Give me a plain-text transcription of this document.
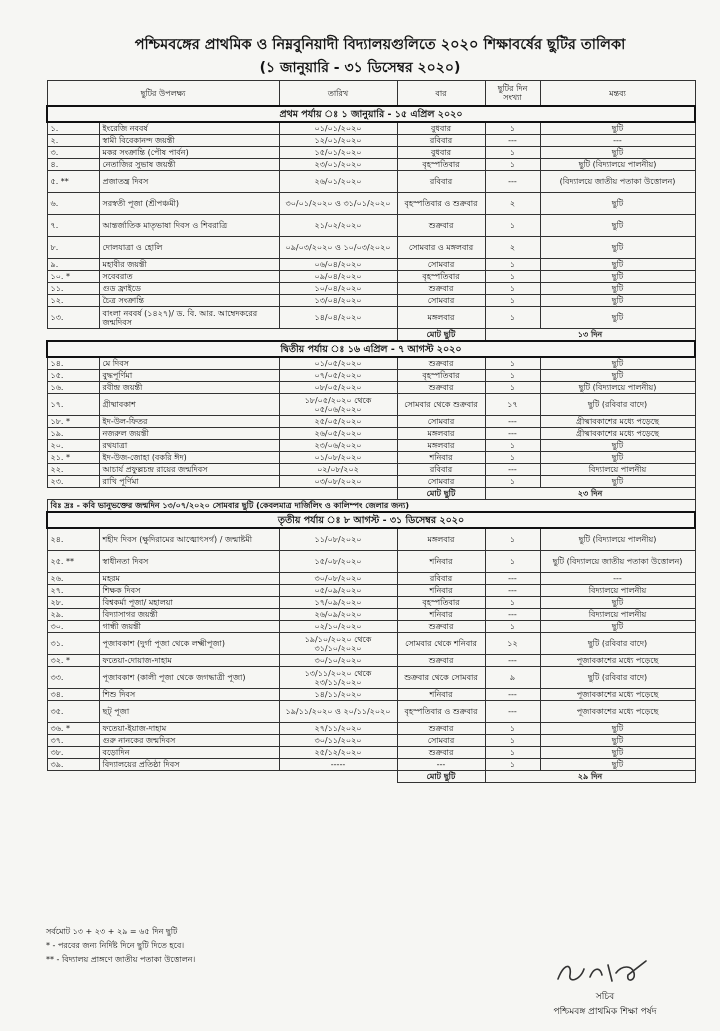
পশ্চিমবঙ্গের প্রাথমিক ও নিম্নবুনিয়াদী বিদ্যালয়গুলিতে ২০২০ শিক্ষাবর্ষের ছুটির তালিকা
(১ জানুয়ারি - ৩১ ডিসেম্বর ২০২০)
ছুটির উপলক্ষ্য		তারিখ	বার	ছুটির দিন সংখ্যা	মন্তব্য
প্রথম পর্যায় ঃ ১ জানুয়ারি - ১৫ এপ্রিল ২০২০					
১.	ইংরেজি নববর্ষ	০১/০১/২০২০	বুধবার	১	ছুটি
২.	স্বামী বিবেকানন্দ জয়ন্তী	১২/০১/২০২০	রবিবার	---	---
৩.	মকর সংক্রান্তি (পৌষ পার্বন)	১৫/০১/২০২০	বুধবার	১	ছুটি
৪.	নেতাজির সুভাষ জয়ন্তী	২৩/০১/২০২০	বৃহস্পতিবার	১	ছুটি (বিদ্যালয়ে পালনীয়)
৫. **	প্রজাতন্ত্র দিবস	২৬/০১/২০২০	রবিবার	---	(বিদ্যালয়ে জাতীয় পতাকা উত্তোলন)
৬.	সরস্বতী পূজা (শ্রীপঞ্চমী)	৩০/০১/২০২০ ও ৩১/০১/২০২০	বৃহস্পতিবার ও শুক্রবার	২	ছুটি
৭.	আন্তর্জাতিক মাতৃভাষা দিবস ও শিবরাত্রি	২১/০২/২০২০	শুক্রবার	১	ছুটি
৮.	দোলযাত্রা ও হোলি	০৯/০৩/২০২০ ও ১০/০৩/২০২০	সোমবার ও মঙ্গলবার	২	ছুটি
৯.	মহাবীর জয়ন্তী	০৬/০৪/২০২০	সোমবার	১	ছুটি
১০. *	সবেবরাত	০৯/০৪/২০২০	বৃহস্পতিবার	১	ছুটি
১১.	গুড ফ্রাইডে	১০/০৪/২০২০	শুক্রবার	১	ছুটি
১২.	চৈত্র সংক্রান্তি	১৩/০৪/২০২০	সোমবার	১	ছুটি
১৩.	বাংলা নববর্ষ (১৪২৭)/ ড. বি. আর. আম্বেদকরের জন্মদিবস	১৪/০৪/২০২০	মঙ্গলবার	১	ছুটি
			মোট ছুটি	১৩ দিন	
দ্বিতীয় পর্যায় ঃ ১৬ এপ্রিল - ৭ আগস্ট ২০২০					
১৪.	মে দিবস	০১/০৫/২০২০	শুক্রবার	১	ছুটি
১৫.	বুদ্ধপূর্ণিমা	০৭/০৫/২০২০	বৃহস্পতিবার	১	ছুটি
১৬.	রবীন্দ্র জয়ন্তী	০৮/০৫/২০২০	শুক্রবার	১	ছুটি (বিদ্যালয়ে পালনীয়)
১৭.	গ্রীষ্মাবকাশ	১৮/০৫/২০২০ থেকে ০৫/০৬/২০২০	সোমবার থেকে শুক্রবার	১৭	ছুটি (রবিবার বাদে)
১৮. *	ইদ-উল-ফিতর	২৫/০৫/২০২০	সোমবার	---	গ্রীষ্মাবকাশের মধ্যে পড়েছে
১৯.	নজরুল জয়ন্তী	২৬/০৫/২০২০	মঙ্গলবার	---	গ্রীষ্মাবকাশের মধ্যে পড়েছে
২০.	রথযাত্রা	২৩/০৬/২০২০	মঙ্গলবার	১	ছুটি
২১. *	ইদ-উজ-জোহা (বকরি ঈদ)	০১/০৮/২০২০	শনিবার	১	ছুটি
২২.	আচার্য প্রফুল্লচন্দ্র রায়ের জন্মদিবস	০২/০৮/২০২	রবিবার	---	বিদ্যালয়ে পালনীয়
২৩.	রাখি পূর্ণিমা	০৩/০৮/২০২০	সোমবার	১	ছুটি
			মোট ছুটি	২৩ দিন	
বিঃ দ্রঃ - কবি ভানুভক্তের জন্মদিন ১৩/০৭/২০২০ সোমবার ছুটি (কেবলমাত্র দার্জিলিং ও কালিম্পং জেলার জন্য)					
তৃতীয় পর্যায় ঃ ৮ আগস্ট - ৩১ ডিসেম্বর ২০২০					
২৪.	শহীদ দিবস (ক্ষুদিরামের আত্মোৎসর্গ) / জন্মাষ্টমী	১১/০৮/২০২০	মঙ্গলবার	১	ছুটি (বিদ্যালয়ে পালনীয়)
২৫. **	স্বাধীনতা দিবস	১৫/০৮/২০২০	শনিবার	১	ছুটি (বিদ্যালয়ে জাতীয় পতাকা উত্তোলন)
২৬.	মহরম	৩০/০৮/২০২০	রবিবার	---	---
২৭.	শিক্ষক দিবস	০৫/০৯/২০২০	শনিবার	---	বিদ্যালয়ে পালনীয়
২৮.	বিশ্বকর্মা পূজা/ মহালয়া	১৭/০৯/২০২০	বৃহস্পতিবার	১	ছুটি
২৯.	বিদ্যাসাগর জয়ন্তী	২৬/০৯/২০২০	শনিবার	---	বিদ্যালয়ে পালনীয়
৩০.	গান্ধী জয়ন্তী	০২/১০/২০২০	শুক্রবার	১	ছুটি
৩১.	পূজাবকাশ (দুর্গা পূজা থেকে লক্ষ্মীপূজা)	১৯/১০/২০২০ থেকে ৩১/১০/২০২০	সোমবার থেকে শনিবার	১২	ছুটি (রবিবার বাদে)
৩২. *	ফতেয়া-দোয়াজ-দাহাম	৩০/১০/২০২০	শুক্রবার	---	পূজাবকাশের মধ্যে পড়েছে
৩৩.	পূজাবকাশ (কালী পূজা থেকে জগদ্ধাত্রী পূজা)	১৩/১১/২০২০ থেকে ২৩/১১/২০২০	শুক্রবার থেকে সোমবার	৯	ছুটি (রবিবার বাদে)
৩৪.	শিশু দিবস	১৪/১১/২০২০	শনিবার	---	পূজাবকাশের মধ্যে পড়েছে
৩৫.	ছট্ পূজা	১৯/১১/২০২০ ও ২০/১১/২০২০	বৃহস্পতিবার ও শুক্রবার	---	পূজাবকাশের মধ্যে পড়েছে
৩৬. *	ফতেয়া-ইয়াজ-দাহাম	২৭/১১/২০২০	শুক্রবার	১	ছুটি
৩৭.	গুরু নানকের জন্মদিবস	৩০/১১/২০২০	সোমবার	১	ছুটি
৩৮.	বড়োদিন	২৫/১২/২০২০	শুক্রবার	১	ছুটি
৩৯.	বিদ্যালয়ের প্রতিষ্ঠা দিবস	-----	---	১	ছুটি
			মোট ছুটি	২৯ দিন	
সর্বমোট ১৩ + ২৩ + ২৯ = ৬৫ দিন ছুটি
* - পরবের জন্য নির্দিষ্ট দিনে ছুটি দিতে হবে।
** - বিদ্যালয় প্রাঙ্গণে জাতীয় পতাকা উত্তোলন।
সচিব
পশ্চিমবঙ্গ প্রাথমিক শিক্ষা পর্ষদ
